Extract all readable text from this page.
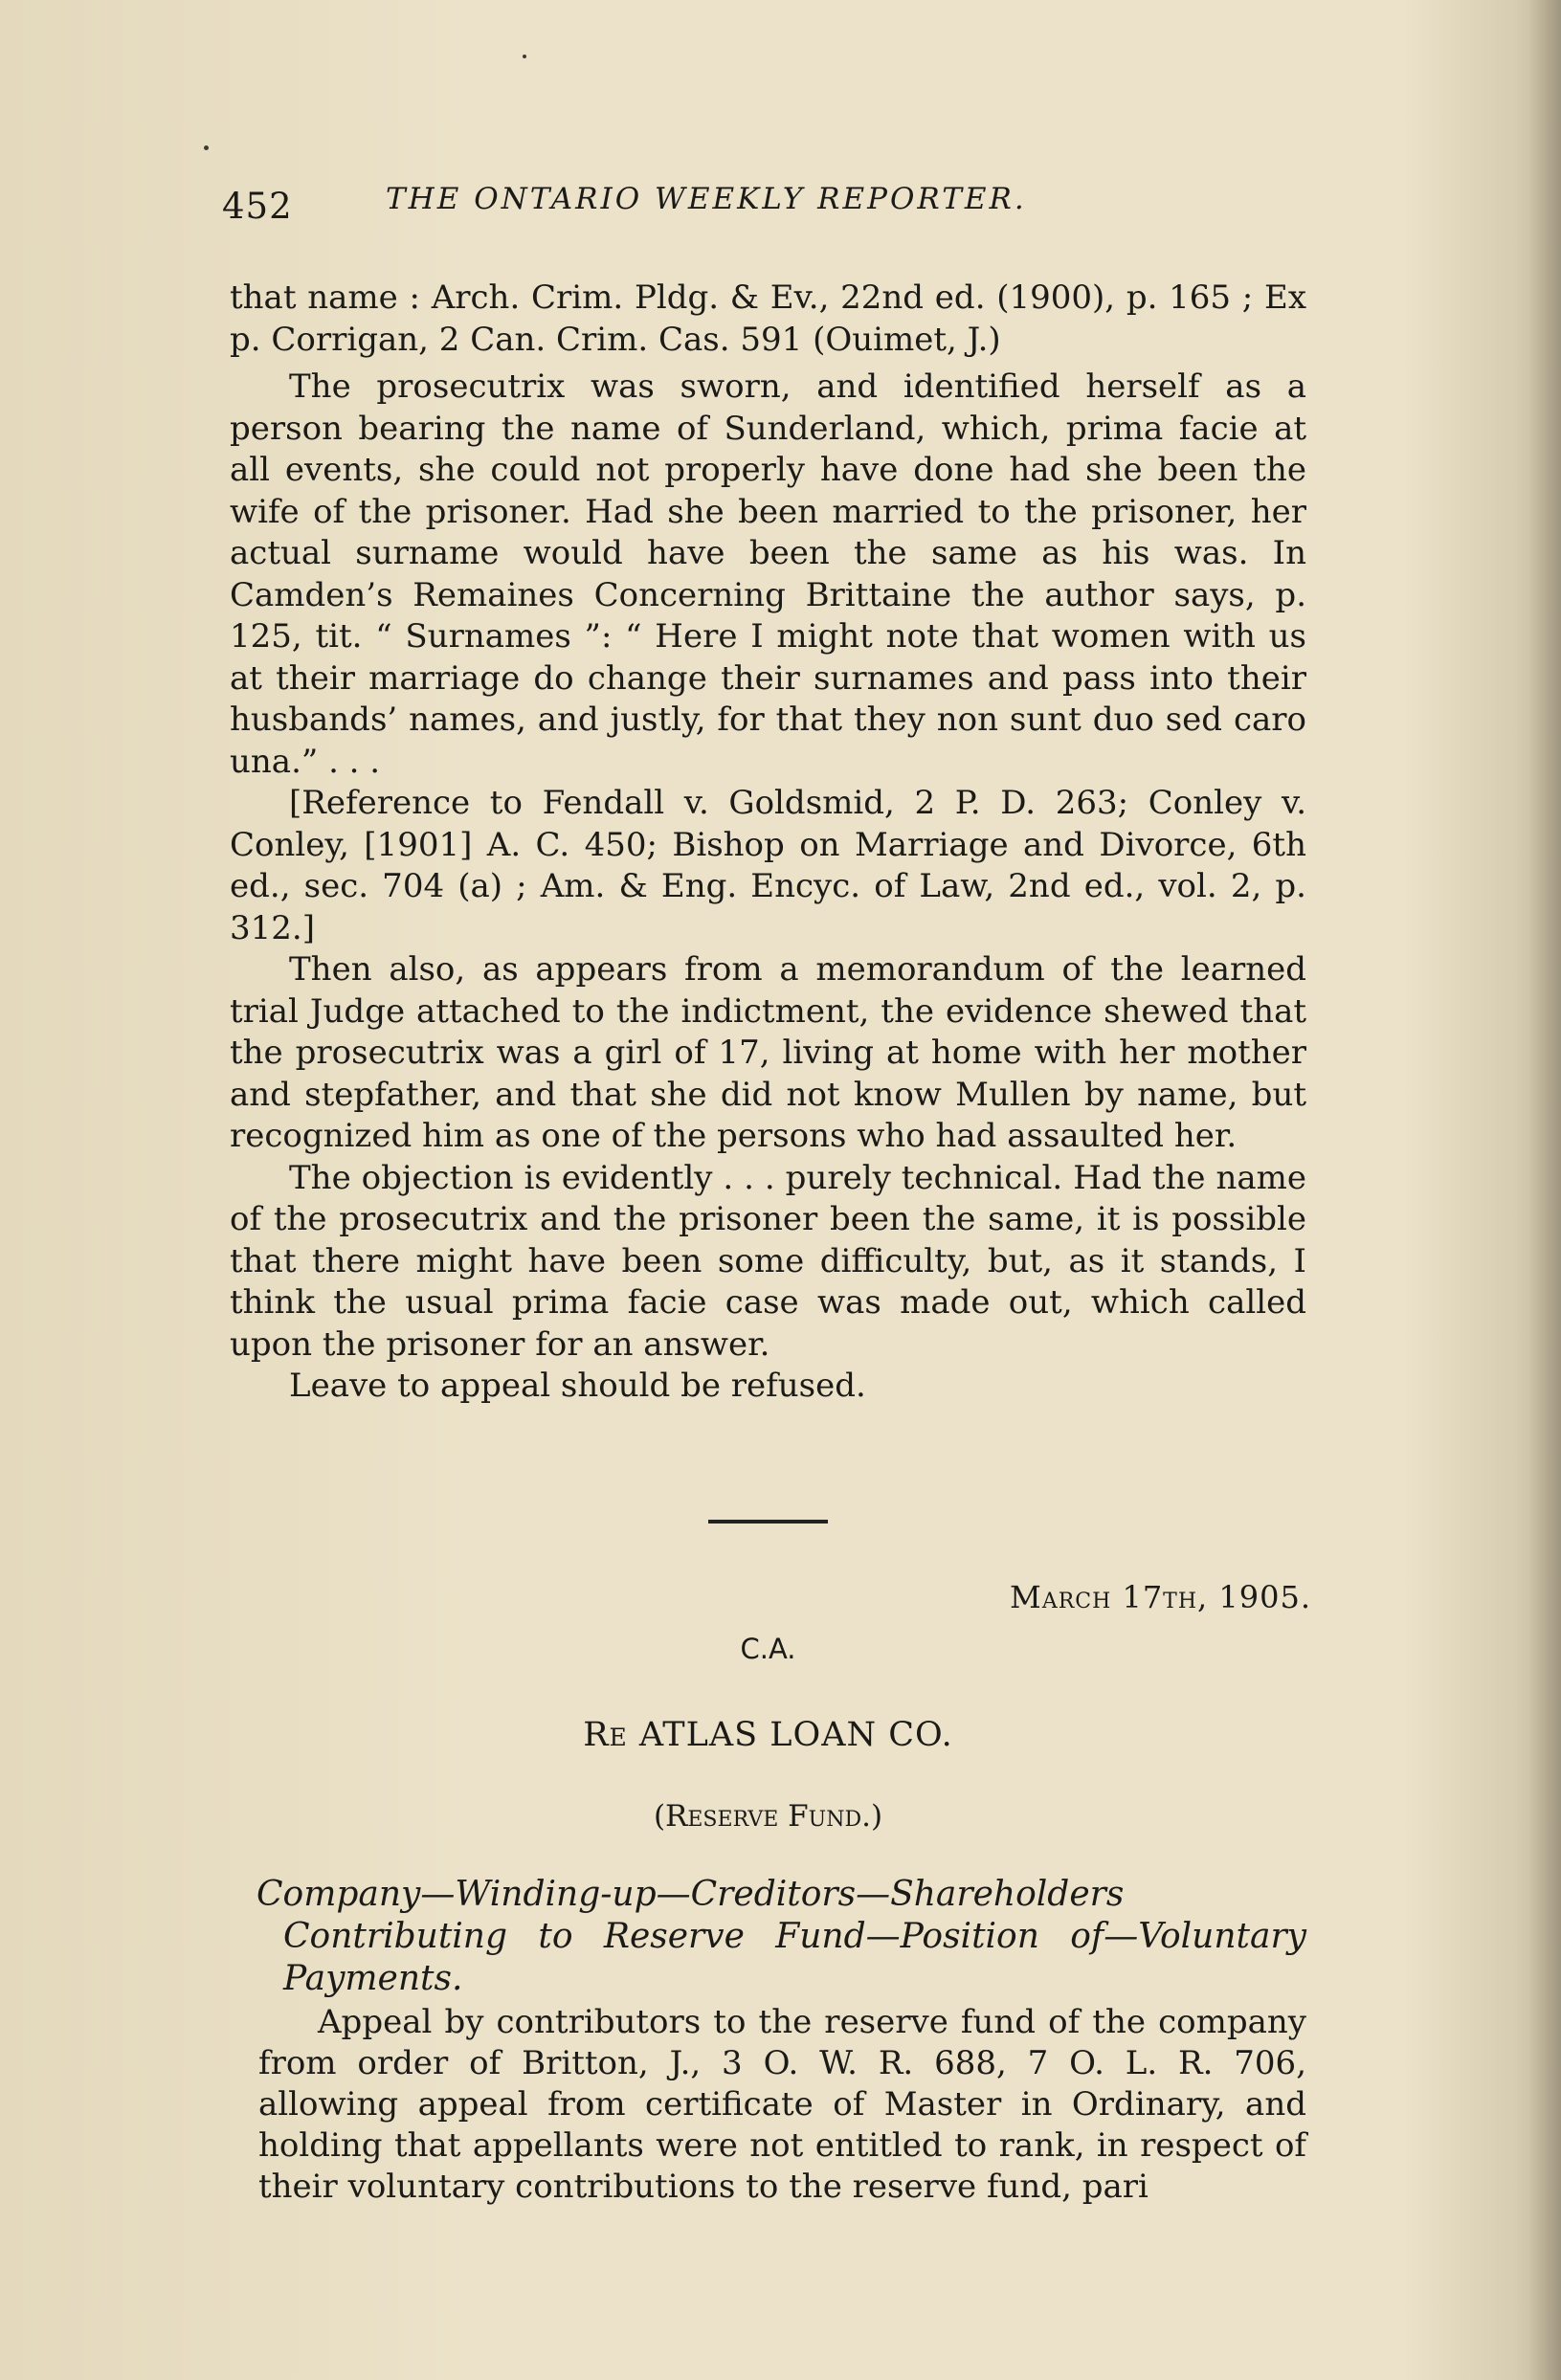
452	THE ONTARIO WEEKLY REPORTER.

that name : Arch. Crim. Pldg. & Ev., 22nd ed. (1900), p. 165 ; Ex p. Corrigan, 2 Can. Crim. Cas. 591 (Ouimet, J.)

The prosecutrix was sworn, and identified herself as a person bearing the name of Sunderland, which, prima facie at all events, she could not properly have done had she been the wife of the prisoner. Had she been married to the prisoner, her actual surname would have been the same as his was. In Camden’s Remaines Concerning Brittaine the author says, p. 125, tit. “ Surnames ”: “ Here I might note that women with us at their marriage do change their surnames and pass into their husbands’ names, and justly, for that they non sunt duo sed caro una.” . . .

[Reference to Fendall v. Goldsmid, 2 P. D. 263; Conley v. Conley, [1901] A. C. 450; Bishop on Marriage and Divorce, 6th ed., sec. 704 (a) ; Am. & Eng. Encyc. of Law, 2nd ed., vol. 2, p. 312.]

Then also, as appears from a memorandum of the learned trial Judge attached to the indictment, the evidence shewed that the prosecutrix was a girl of 17, living at home with her mother and stepfather, and that she did not know Mullen by name, but recognized him as one of the persons who had assaulted her.

The objection is evidently . . . purely technical. Had the name of the prosecutrix and the prisoner been the same, it is possible that there might have been some difficulty, but, as it stands, I think the usual prima facie case was made out, which called upon the prisoner for an answer.

Leave to appeal should be refused.

March 17th, 1905.
C.A.
Re ATLAS LOAN CO.
(Reserve Fund.)
Company—Winding-up—Creditors—Shareholders Contributing to Reserve Fund—Position of—Voluntary Payments.

Appeal by contributors to the reserve fund of the company from order of Britton, J., 3 O. W. R. 688, 7 O. L. R. 706, allowing appeal from certificate of Master in Ordinary, and holding that appellants were not entitled to rank, in respect of their voluntary contributions to the reserve fund, pari
